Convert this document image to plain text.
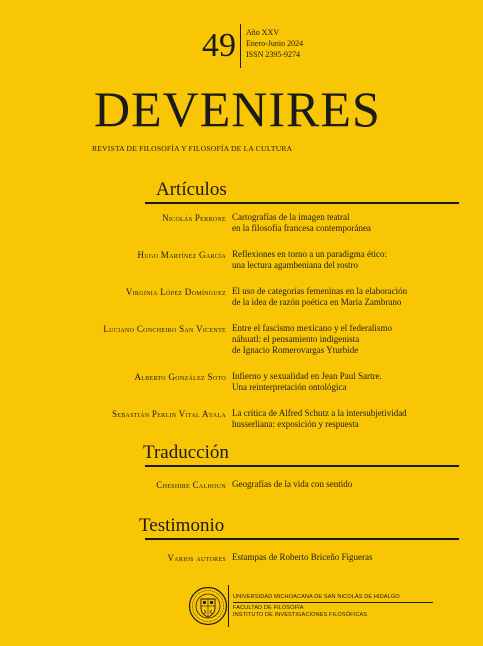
49 Año XXV
Enero-Junio 2024
ISSN 2395-9274
DEVENIRES
REVISTA DE FILOSOFÍA Y FILOSOFÍA DE LA CULTURA
Artículos
Nicolás Perrone Cartografías de la imagen teatral
en la filosofía francesa contemporánea
Hugo Martínez García Reflexiones en torno a un paradigma ético:
una lectura agambeniana del rostro
Virginia López Domínguez El uso de categorías femeninas en la elaboración
de la idea de razón poética en María Zambrano
Luciano Concheiro San Vicente Entre el fascismo mexicano y el federalismo
náhuatl: el pensamiento indigenista
de Ignacio Romerovargas Yturbide
Alberto González Soto Infierno y sexualidad en Jean Paul Sartre.
Una reinterpretación ontológica
Sebastián Perlin Vital Ayala La crítica de Alfred Schutz a la intersubjetividad
husserliana: exposición y respuesta
Traducción
Cheshire Calhoun Geografías de la vida con sentido
Testimonio
Varios autores Estampas de Roberto Briceño Figueras
UNIVERSIDAD MICHOACANA DE SAN NICOLÁS DE HIDALGO
FACULTAD DE FILOSOFÍA
INSTITUTO DE INVESTIGACIONES FILOSÓFICAS
